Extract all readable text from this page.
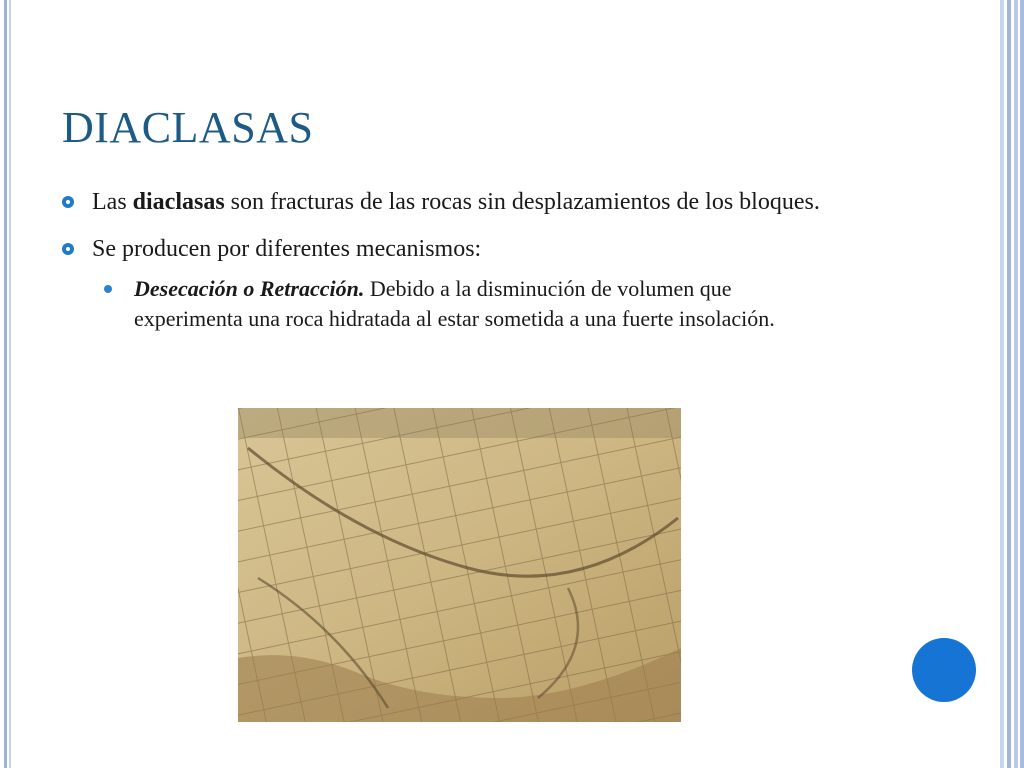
DIACLASAS
Las diaclasas son fracturas de las rocas sin desplazamientos de los bloques.
Se producen por diferentes mecanismos:
Desecación o Retracción. Debido a la disminución de volumen que experimenta una roca hidratada al estar sometida a una fuerte insolación.
